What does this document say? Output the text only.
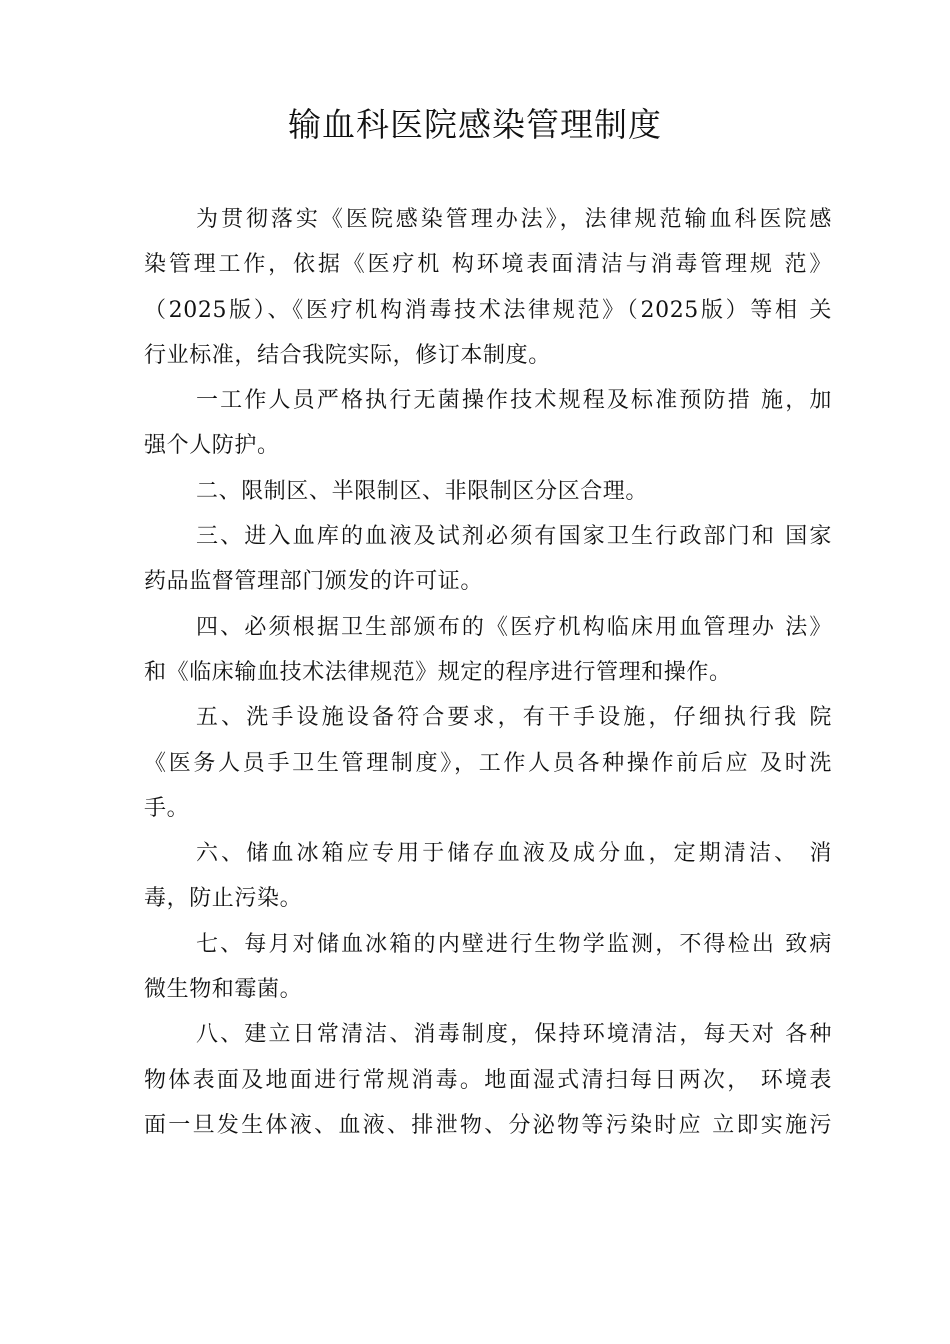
输血科医院感染管理制度

为贯彻落实《医院感染管理办法》，法律规范输血科医院感
染管理工作，依据《医疗机 构环境表面清洁与消毒管理规 范》
（2025版）、《医疗机构消毒技术法律规范》（2025版）等相 关
行业标准，结合我院实际，修订本制度。

一工作人员严格执行无菌操作技术规程及标准预防措 施，加
强个人防护。

二、限制区、半限制区、非限制区分区合理。

三、进入血库的血液及试剂必须有国家卫生行政部门和 国家
药品监督管理部门颁发的许可证。

四、必须根据卫生部颁布的《医疗机构临床用血管理办 法》
和《临床输血技术法律规范》规定的程序进行管理和操作。

五、洗手设施设备符合要求，有干手设施，仔细执行我 院
《医务人员手卫生管理制度》，工作人员各种操作前后应 及时洗
手。

六、储血冰箱应专用于储存血液及成分血，定期清洁、 消
毒，防止污染。

七、每月对储血冰箱的内壁进行生物学监测，不得检出 致病
微生物和霉菌。

八、建立日常清洁、消毒制度，保持环境清洁，每天对 各种
物体表面及地面进行常规消毒。地面湿式清扫每日两次， 环境表
面一旦发生体液、血液、排泄物、分泌物等污染时应 立即实施污
